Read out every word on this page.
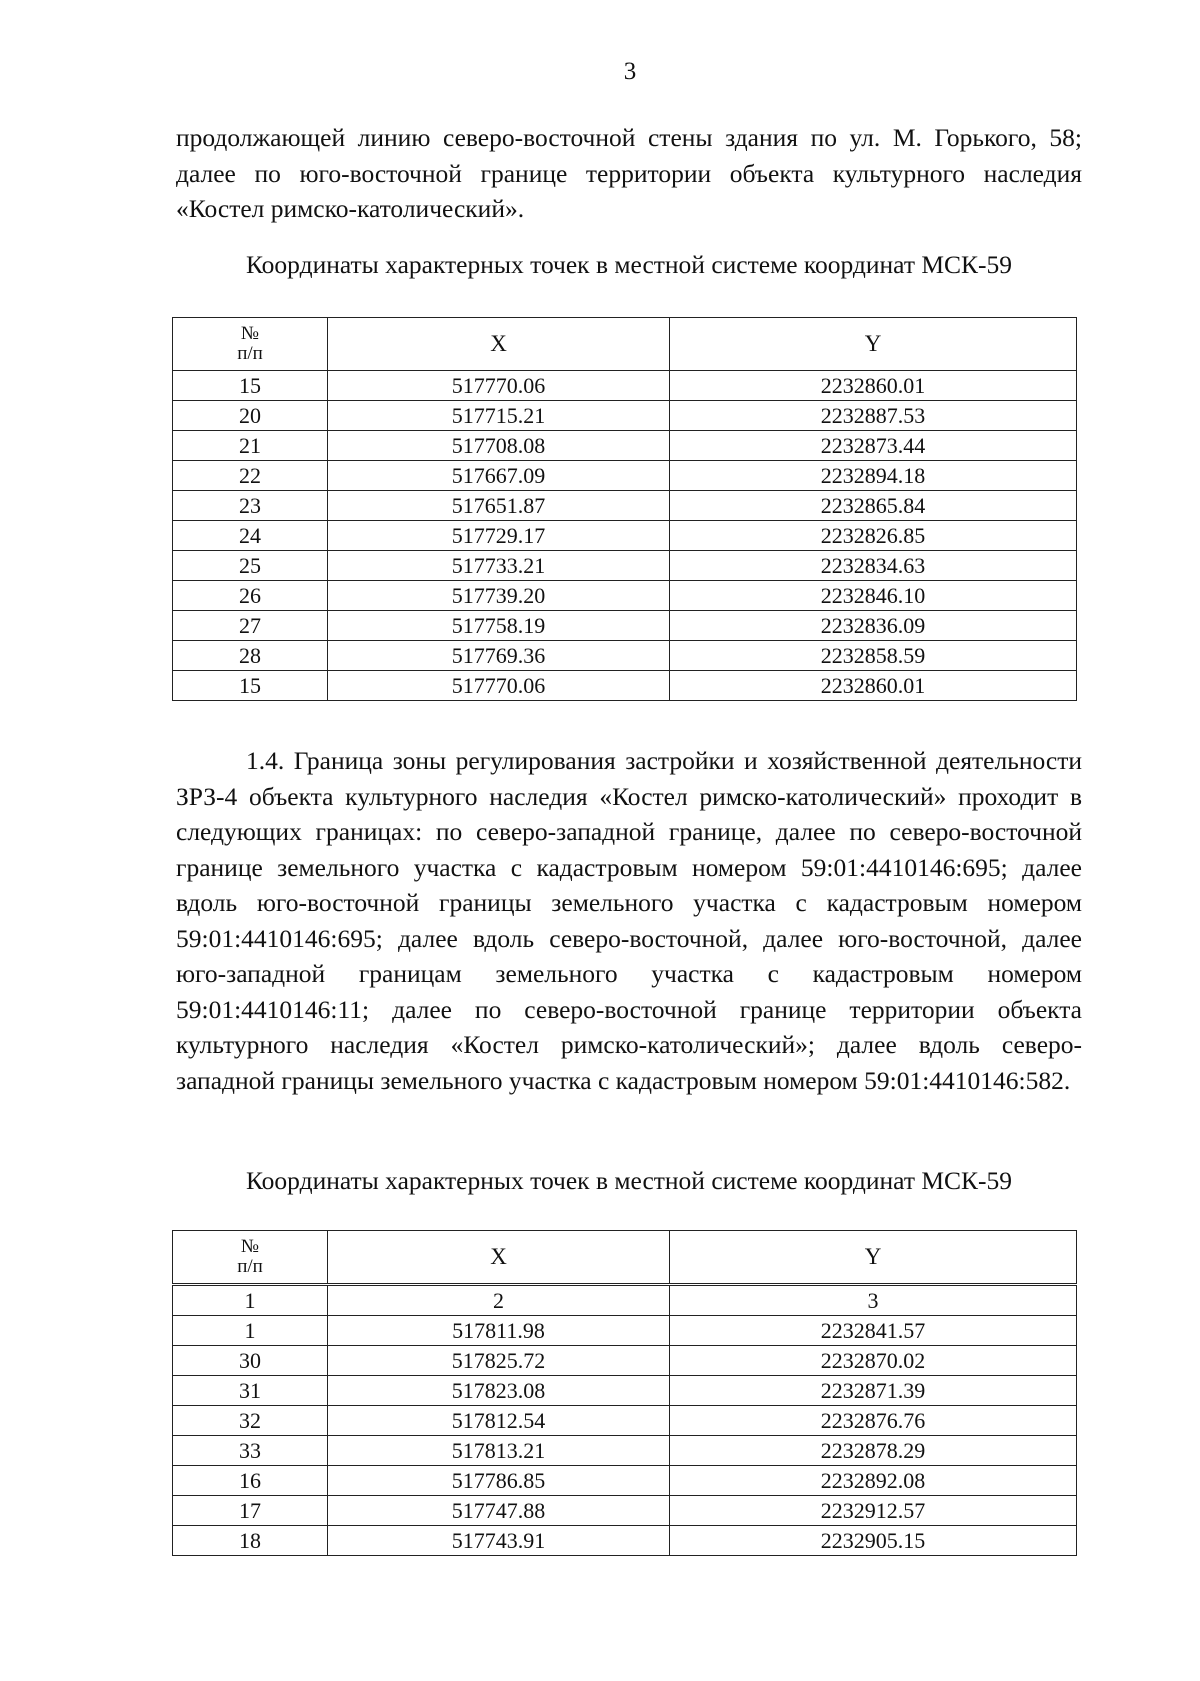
3

продолжающей линию северо-восточной стены здания по ул. М. Горького, 58; далее по юго-восточной границе территории объекта культурного наследия «Костел римско-католический».

Координаты характерных точек в местной системе координат МСК-59
№
п/п	X	Y
15	517770.06	2232860.01
20	517715.21	2232887.53
21	517708.08	2232873.44
22	517667.09	2232894.18
23	517651.87	2232865.84
24	517729.17	2232826.85
25	517733.21	2232834.63
26	517739.20	2232846.10
27	517758.19	2232836.09
28	517769.36	2232858.59
15	517770.06	2232860.01

1.4. Граница зоны регулирования застройки и хозяйственной деятельности ЗРЗ-4 объекта культурного наследия «Костел римско-католический» проходит в следующих границах: по северо-западной границе, далее по северо-восточной границе земельного участка с кадастровым номером 59:01:4410146:695; далее вдоль юго-восточной границы земельного участка с кадастровым номером 59:01:4410146:695; далее вдоль северо-восточной, далее юго-восточной, далее юго-западной границам земельного участка с кадастровым номером 59:01:4410146:11; далее по северо-восточной границе территории объекта культурного наследия «Костел римско-католический»; далее вдоль северо-западной границы земельного участка с кадастровым номером 59:01:4410146:582.

Координаты характерных точек в местной системе координат МСК-59
№
п/п	X	Y
1	2	3
1	517811.98	2232841.57
30	517825.72	2232870.02
31	517823.08	2232871.39
32	517812.54	2232876.76
33	517813.21	2232878.29
16	517786.85	2232892.08
17	517747.88	2232912.57
18	517743.91	2232905.15
